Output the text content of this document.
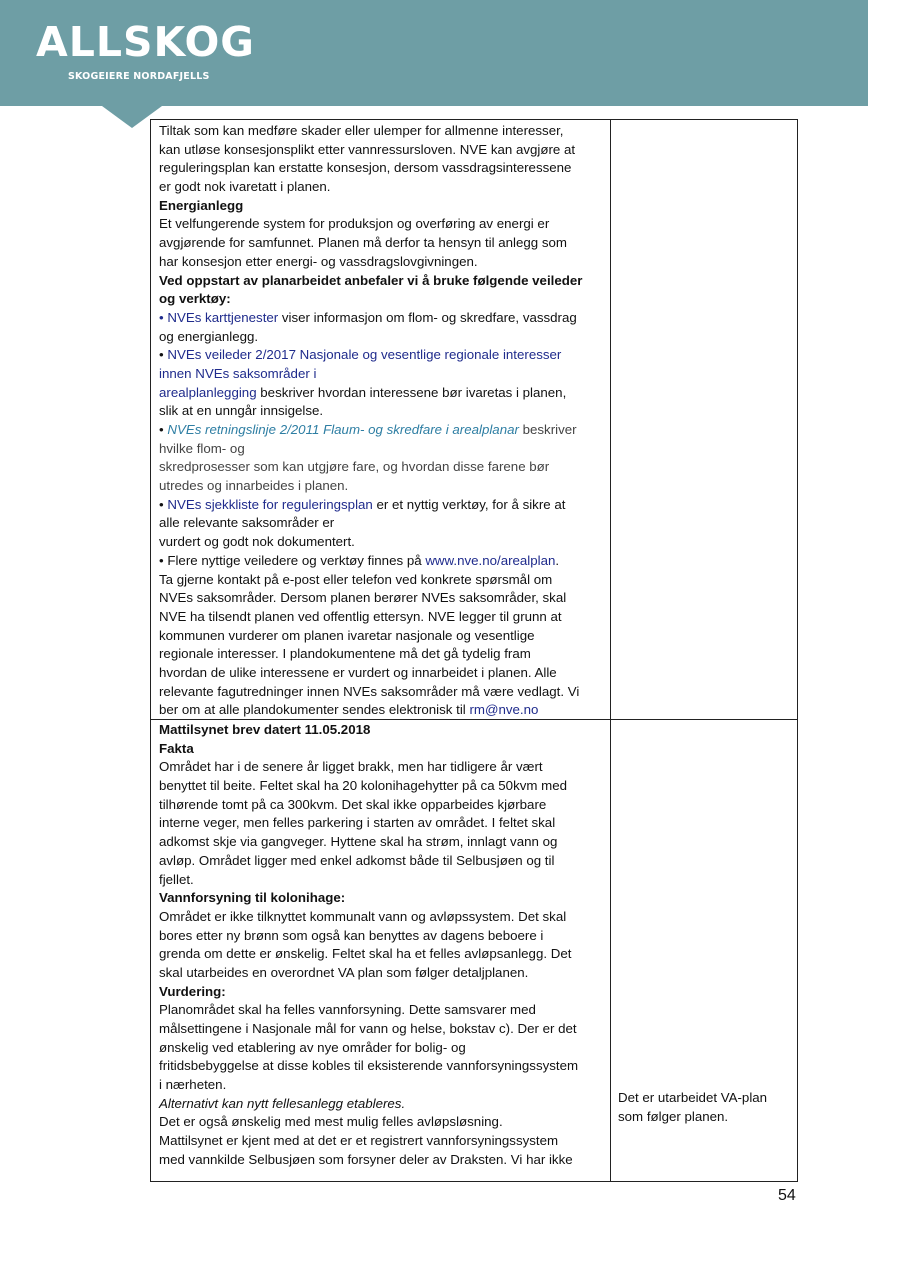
ALLSKOG
SKOGEIERE NORDAFJELLS
Tiltak som kan medføre skader eller ulemper for allmenne interesser,
kan utløse konsesjonsplikt etter vannressursloven. NVE kan avgjøre at
reguleringsplan kan erstatte konsesjon, dersom vassdragsinteressene
er godt nok ivaretatt i planen.
Energianlegg
Et velfungerende system for produksjon og overføring av energi er
avgjørende for samfunnet. Planen må derfor ta hensyn til anlegg som
har konsesjon etter energi- og vassdragslovgivningen.
Ved oppstart av planarbeidet anbefaler vi å bruke følgende veileder
og verktøy:
• NVEs karttjenester viser informasjon om flom- og skredfare, vassdrag
og energianlegg.
• NVEs veileder 2/2017 Nasjonale og vesentlige regionale interesser
innen NVEs saksområder i
arealplanlegging beskriver hvordan interessene bør ivaretas i planen,
slik at en unngår innsigelse.
• NVEs retningslinje 2/2011 Flaum- og skredfare i arealplanar beskriver
hvilke flom- og
skredprosesser som kan utgjøre fare, og hvordan disse farene bør
utredes og innarbeides i planen.
• NVEs sjekkliste for reguleringsplan er et nyttig verktøy, for å sikre at
alle relevante saksområder er
vurdert og godt nok dokumentert.
• Flere nyttige veiledere og verktøy finnes på www.nve.no/arealplan.
Ta gjerne kontakt på e-post eller telefon ved konkrete spørsmål om
NVEs saksområder. Dersom planen berører NVEs saksområder, skal
NVE ha tilsendt planen ved offentlig ettersyn. NVE legger til grunn at
kommunen vurderer om planen ivaretar nasjonale og vesentlige
regionale interesser. I plandokumentene må det gå tydelig fram
hvordan de ulike interessene er vurdert og innarbeidet i planen. Alle
relevante fagutredninger innen NVEs saksområder må være vedlagt. Vi
ber om at alle plandokumenter sendes elektronisk til rm@nve.no
Mattilsynet brev datert 11.05.2018
Fakta
Området har i de senere år ligget brakk, men har tidligere år vært
benyttet til beite. Feltet skal ha 20 kolonihagehytter på ca 50kvm med
tilhørende tomt på ca 300kvm. Det skal ikke opparbeides kjørbare
interne veger, men felles parkering i starten av området. I feltet skal
adkomst skje via gangveger. Hyttene skal ha strøm, innlagt vann og
avløp. Området ligger med enkel adkomst både til Selbusjøen og til
fjellet.
Vannforsyning til kolonihage:
Området er ikke tilknyttet kommunalt vann og avløpssystem. Det skal
bores etter ny brønn som også kan benyttes av dagens beboere i
grenda om dette er ønskelig. Feltet skal ha et felles avløpsanlegg. Det
skal utarbeides en overordnet VA plan som følger detaljplanen.
Vurdering:
Planområdet skal ha felles vannforsyning. Dette samsvarer med
målsettingene i Nasjonale mål for vann og helse, bokstav c). Der er det
ønskelig ved etablering av nye områder for bolig- og
fritidsbebyggelse at disse kobles til eksisterende vannforsyningssystem
i nærheten.
Alternativt kan nytt fellesanlegg etableres.
Det er også ønskelig med mest mulig felles avløpsløsning.
Mattilsynet er kjent med at det er et registrert vannforsyningssystem
med vannkilde Selbusjøen som forsyner deler av Draksten. Vi har ikke
Det er utarbeidet VA-plan
som følger planen.
54
